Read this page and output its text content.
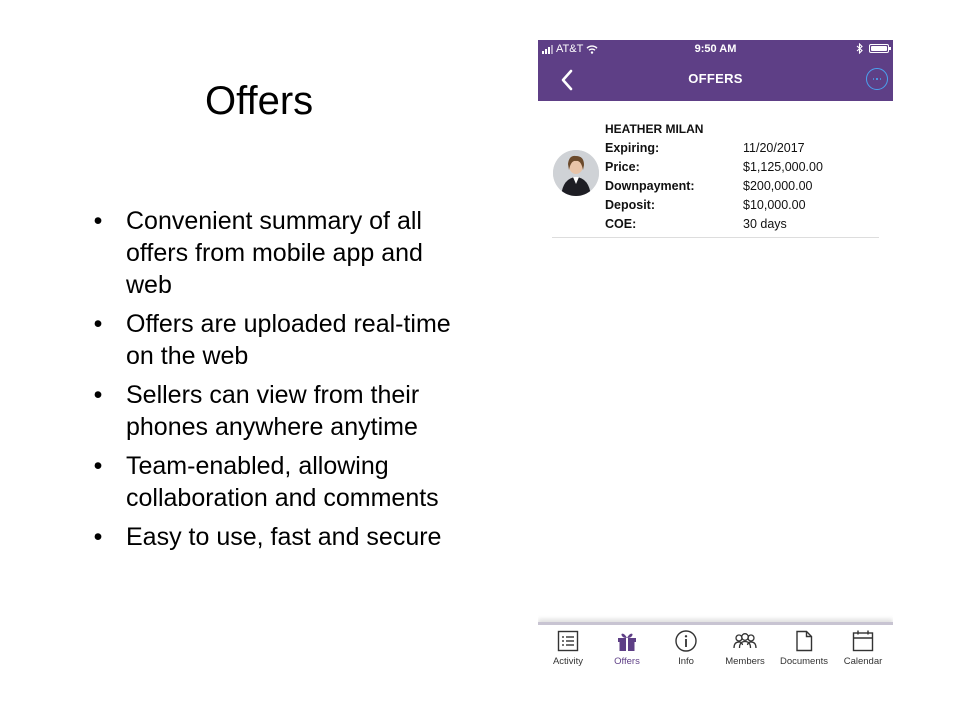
Offers
• Convenient summary of all offers from mobile app and web
• Offers are uploaded real-time on the web
• Sellers can view from their phones anywhere anytime
• Team-enabled, allowing collaboration and comments
• Easy to use, fast and secure
AT&T	9:50 AM
OFFERS
HEATHER MILAN
Expiring:	11/20/2017
Price:	$1,125,000.00
Downpayment:	$200,000.00
Deposit:	$10,000.00
COE:	30 days
Activity	Offers	Info	Members	Documents	Calendar
